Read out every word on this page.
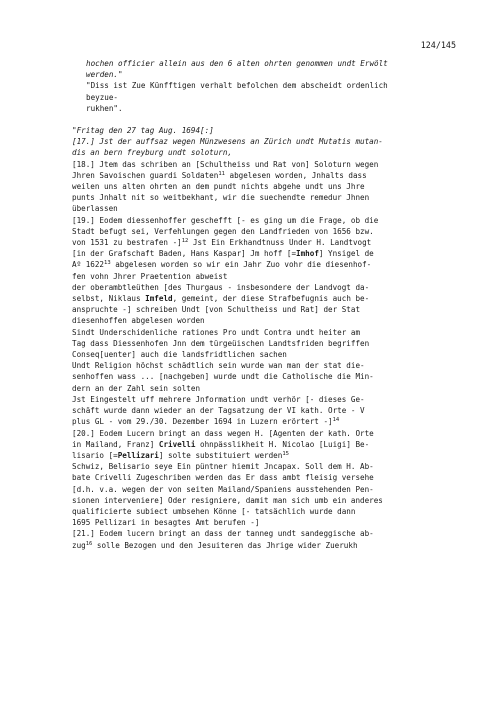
124/145
hochen officier allein aus den 6 alten ohrten genommen undt Erwölt
werden."
"Diss ist Zue Künfftigen verhalt befolchen dem abscheidt ordenlich
beyzue-
rukhen".
"Fritag den 27 tag Aug. 1694[:]
[17.] Jst der auffsaz wegen Münzwesens an Zürich undt Mutatis mutan-
dis an bern freyburg undt soloturn,
[18.] Jtem das schriben an [Schultheiss und Rat von] Soloturn wegen
Jhren Savoischen guardi Soldaten$^{11}$ abgelesen worden, Jnhalts dass
weilen uns alten ohrten an dem pundt nichts abgehe undt uns Jhre
punts Jnhalt nit so weitbekhant, wir die suechendte remedur Jhnen
überlassen
[19.] Eodem diessenhoffer geschefft [- es ging um die Frage, ob die
Stadt befugt sei, Verfehlungen gegen den Landfrieden von 1656 bzw.
von 1531 zu bestrafen -]$^{12}$ Jst Ein Erkhandtnuss Under H. Landtvogt
[in der Grafschaft Baden, Hans Kaspar] Jm hoff [=Imhof] Ynsigel de
Aº 1622$^{13}$ abgelesen worden so wir ein Jahr Zuo vohr die diesenhof-
fen vohn Jhrer Praetention abweist
der oberambtleüthen [des Thurgaus - insbesondere der Landvogt da-
selbst, Niklaus Imfeld, gemeint, der diese Strafbefugnis auch be-
anspruchte -] schreiben Undt [von Schultheiss und Rat] der Stat
diesenhoffen abgelesen worden
Sindt Underschidenliche rationes Pro undt Contra undt heiter am
Tag dass Diessenhofen Jnn dem türgeüischen Landtsfriden begriffen
Conseq[uenter] auch die landsfridtlichen sachen
Undt Religion höchst schädtlich sein wurde wan man der stat die-
senhoffen wass ... [nachgeben] wurde undt die Catholische die Min-
dern an der Zahl sein solten
Jst Eingestelt uff mehrere Jnformation undt verhör [- dieses Ge-
schäft wurde dann wieder an der Tagsatzung der VI kath. Orte - V
plus GL - vom 29./30. Dezember 1694 in Luzern erörtert -]$^{14}$
[20.] Eodem Lucern bringt an dass wegen H. [Agenten der kath. Orte
in Mailand, Franz] Crivelli ohnpässlikheit H. Nicolao [Luigi] Be-
lisario [=Pellizari] solte substituiert werden$^{15}$
Schwiz, Belisario seye Ein püntner hiemit Jncapax. Soll dem H. Ab-
bate Crivelli Zugeschriben werden das Er dass ambt fleisig versehe
[d.h. v.a. wegen der von seiten Mailand/Spaniens ausstehenden Pen-
sionen interveniere] Oder resigniere, damit man sich umb ein anderes
qualificierte subiect umbsehen Könne [- tatsächlich wurde dann
1695 Pellizari in besagtes Amt berufen -]
[21.] Eodem lucern bringt an dass der tanneg undt sandeggische ab-
zug$^{16}$ solle Bezogen und den Jesuiteren das Jhrige wider Zuerukh
